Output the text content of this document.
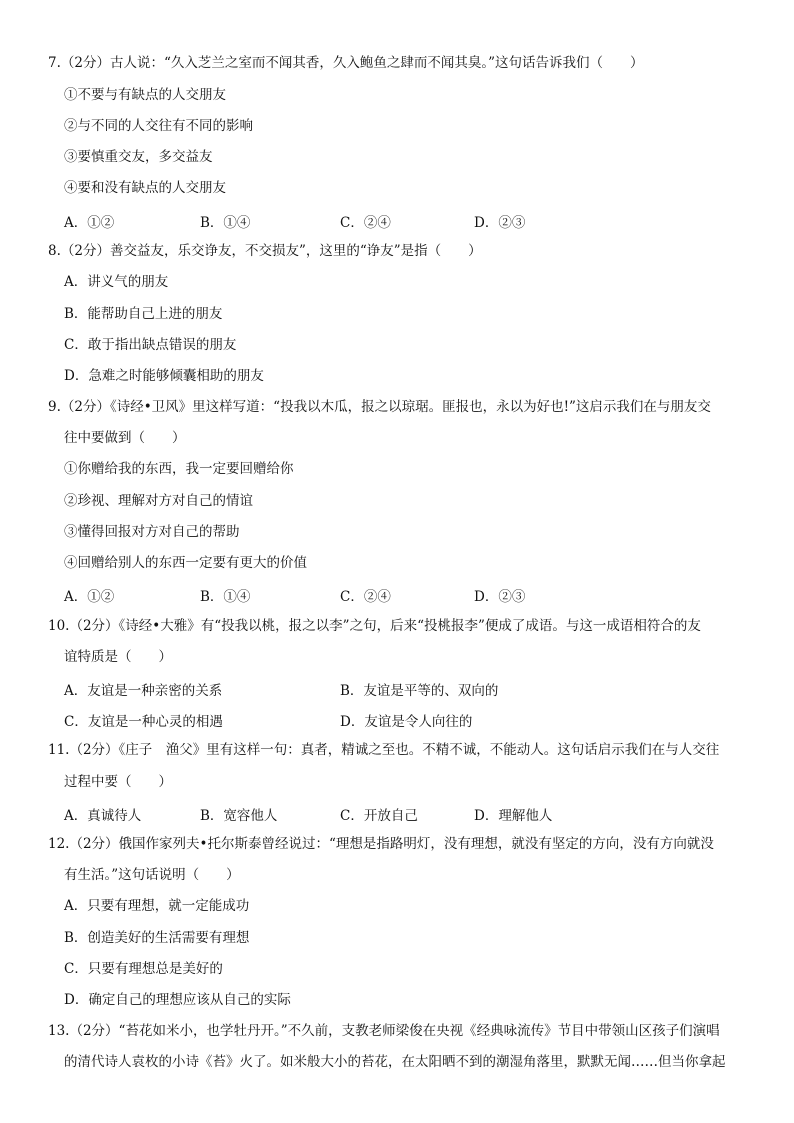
7.（2分）古人说：“久入芝兰之室而不闻其香，久入鲍鱼之肆而不闻其臭。”这句话告诉我们（　　）
①不要与有缺点的人交朋友
②与不同的人交往有不同的影响
③要慎重交友，多交益友
④要和没有缺点的人交朋友
A．①②	B．①④	C．②④	D．②③
8.（2分）善交益友，乐交诤友，不交损友”，这里的“诤友”是指（　　）
A．讲义气的朋友
B．能帮助自己上进的朋友
C．敢于指出缺点错误的朋友
D．急难之时能够倾囊相助的朋友
9.（2分）《诗经•卫风》里这样写道：“投我以木瓜，报之以琼琚。匪报也，永以为好也!”这启示我们在与朋友交
往中要做到（　　）
①你赠给我的东西，我一定要回赠给你
②珍视、理解对方对自己的情谊
③懂得回报对方对自己的帮助
④回赠给别人的东西一定要有更大的价值
A．①②	B．①④	C．②④	D．②③
10.（2分）《诗经•大雅》有“投我以桃，报之以李”之句，后来“投桃报李”便成了成语。与这一成语相符合的友
谊特质是（　　）
A．友谊是一种亲密的关系	B．友谊是平等的、双向的
C．友谊是一种心灵的相遇	D．友谊是令人向往的
11.（2分）《庄子　渔父》里有这样一句：真者，精诚之至也。不精不诚，不能动人。这句话启示我们在与人交往
过程中要（　　）
A．真诚待人	B．宽容他人	C．开放自己	D．理解他人
12.（2分）俄国作家列夫•托尔斯泰曾经说过：“理想是指路明灯，没有理想，就没有坚定的方向，没有方向就没
有生活。”这句话说明（　　）
A．只要有理想，就一定能成功
B．创造美好的生活需要有理想
C．只要有理想总是美好的
D．确定自己的理想应该从自己的实际
13.（2分）“苔花如米小，也学牡丹开。”不久前，支教老师梁俊在央视《经典咏流传》节目中带领山区孩子们演唱
的清代诗人袁枚的小诗《苔》火了。如米般大小的苔花，在太阳晒不到的潮湿角落里，默默无闻……但当你拿起
